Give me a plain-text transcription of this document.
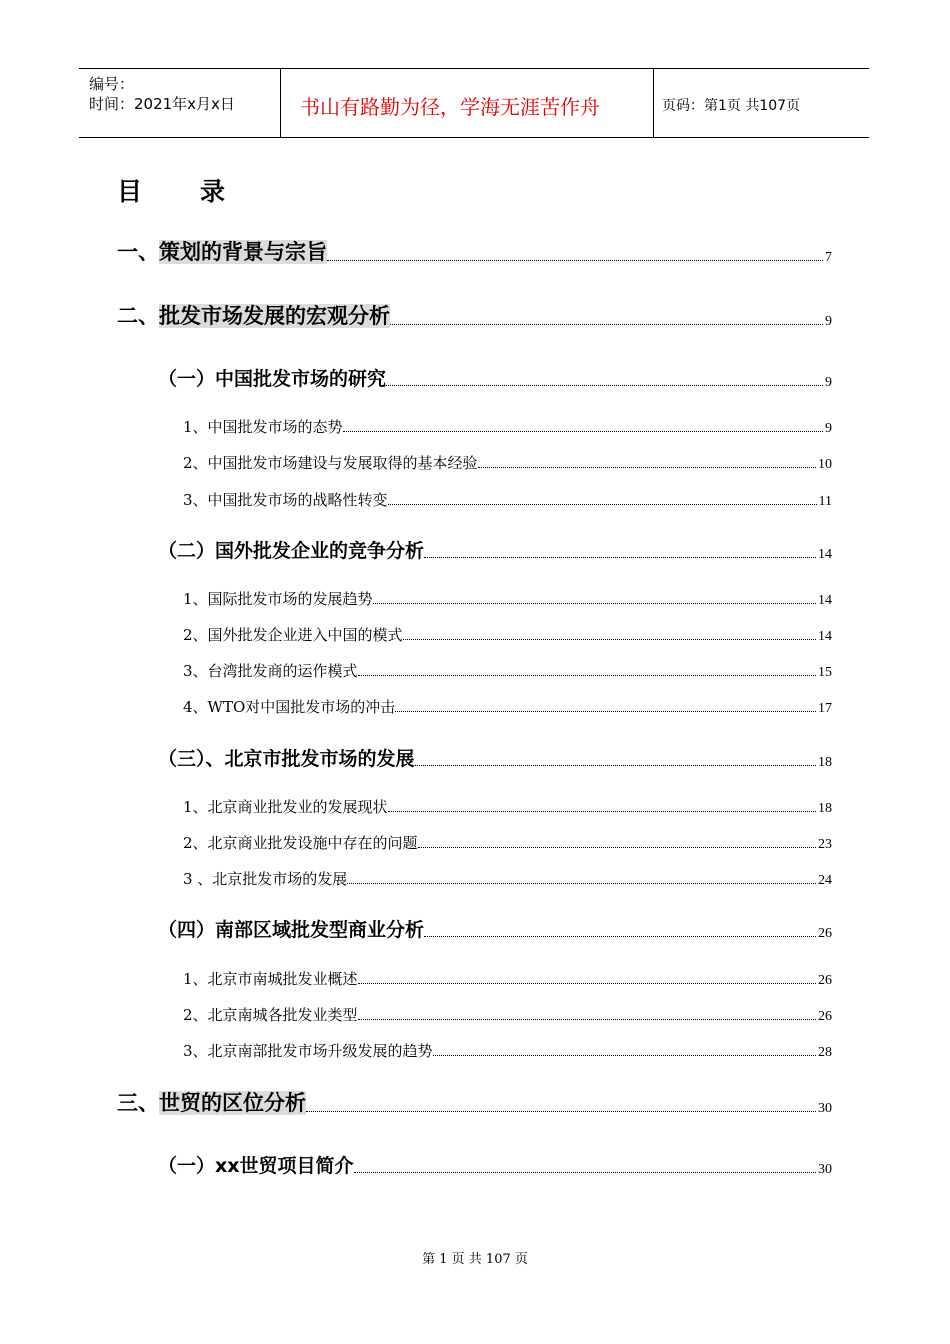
编号：
时间：2021年x月x日	书山有路勤为径，学海无涯苦作舟	页码：第1页 共107页
目录
一、策划的背景与宗旨	7
二、批发市场发展的宏观分析	9
（一）中国批发市场的研究	9
1、中国批发市场的态势	9
2、中国批发市场建设与发展取得的基本经验	10
3、中国批发市场的战略性转变	11
（二）国外批发企业的竞争分析	14
1、国际批发市场的发展趋势	14
2、国外批发企业进入中国的模式	14
3、台湾批发商的运作模式	15
4、WTO对中国批发市场的冲击	17
（三）、北京市批发市场的发展	18
1、北京商业批发业的发展现状	18
2、北京商业批发设施中存在的问题	23
3 、北京批发市场的发展	24
（四）南部区域批发型商业分析	26
1、北京市南城批发业概述	26
2、北京南城各批发业类型	26
3、北京南部批发市场升级发展的趋势	28
三、世贸的区位分析	30
（一）xx世贸项目简介	30
第 1 页 共 107 页
